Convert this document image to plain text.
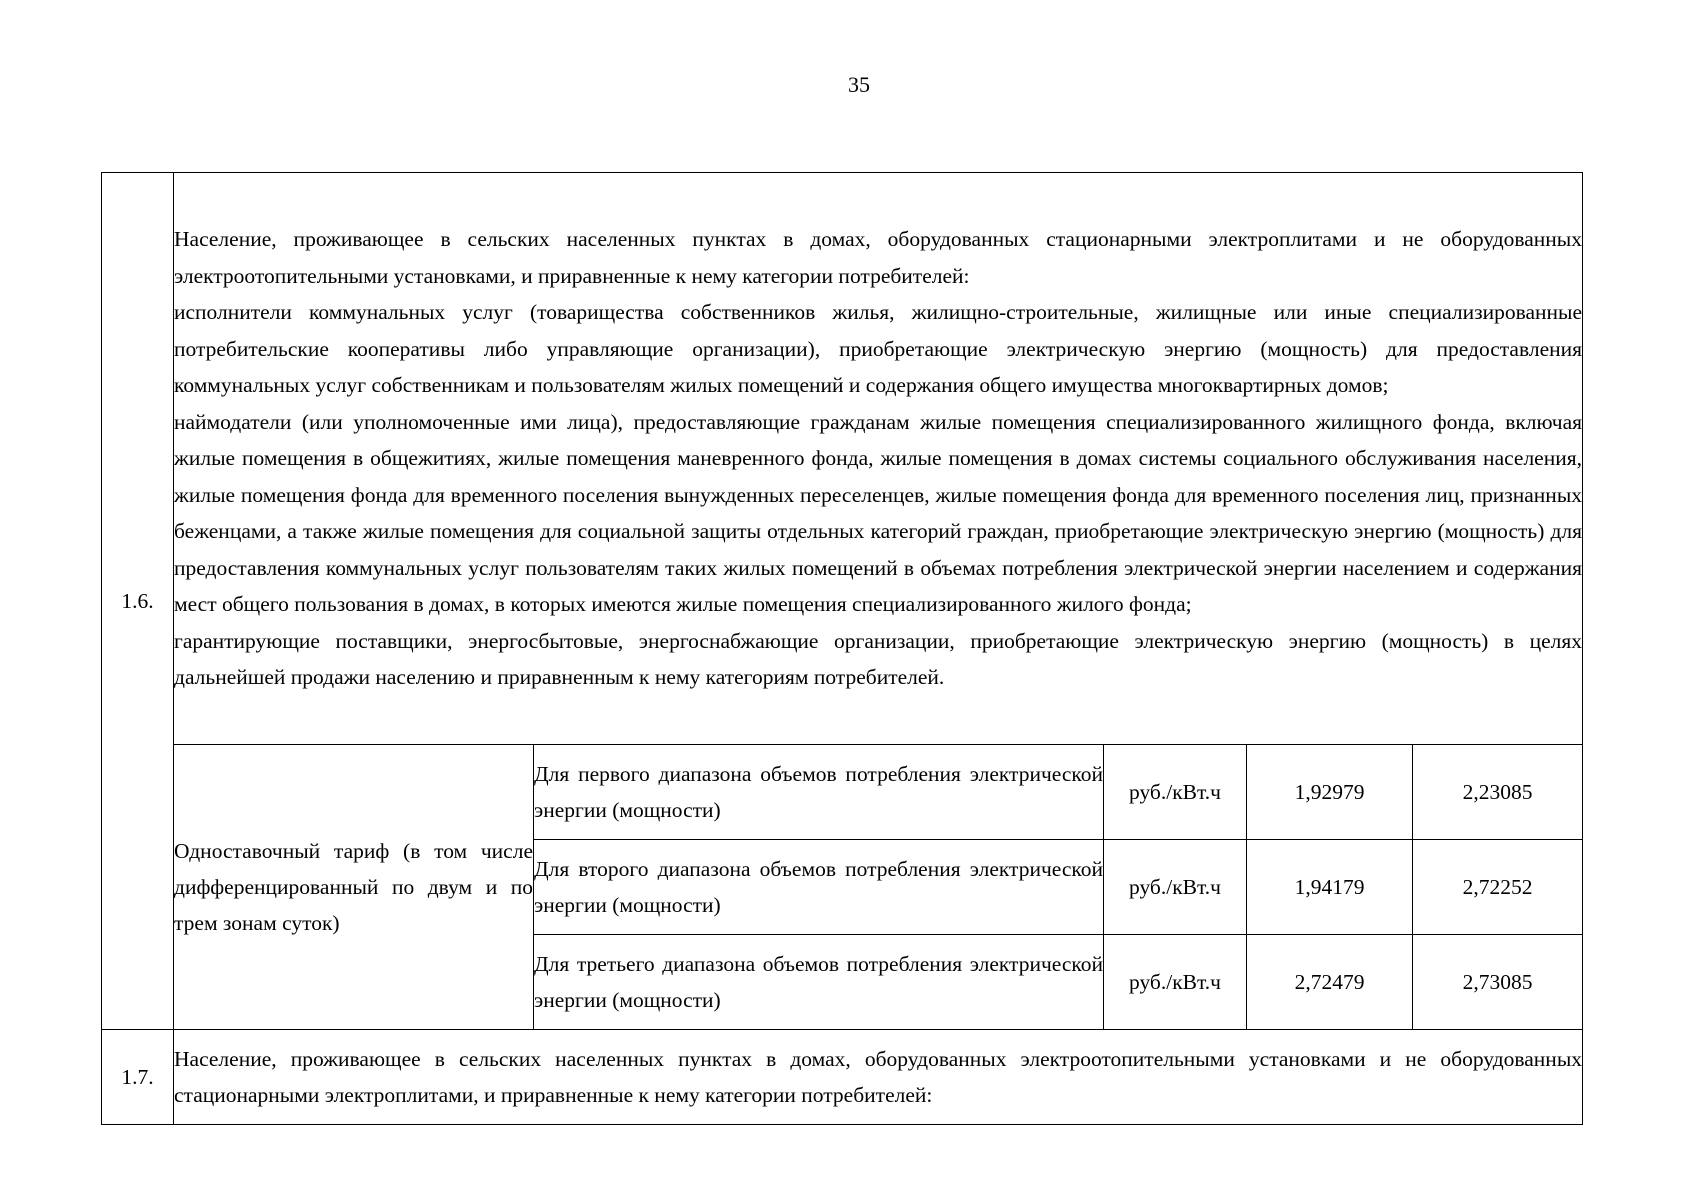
35
1.6.	Население, проживающее в сельских населенных пунктах в домах, оборудованных стационарными электроплитами и не оборудованных электроотопительными установками, и приравненные к нему категории потребителей:
исполнители коммунальных услуг (товарищества собственников жилья, жилищно-строительные, жилищные или иные специализированные потребительские кооперативы либо управляющие организации), приобретающие электрическую энергию (мощность) для предоставления коммунальных услуг собственникам и пользователям жилых помещений и содержания общего имущества многоквартирных домов;
наймодатели (или уполномоченные ими лица), предоставляющие гражданам жилые помещения специализированного жилищного фонда, включая жилые помещения в общежитиях, жилые помещения маневренного фонда, жилые помещения в домах системы социального обслуживания населения, жилые помещения фонда для временного поселения вынужденных переселенцев, жилые помещения фонда для временного поселения лиц, признанных беженцами, а также жилые помещения для социальной защиты отдельных категорий граждан, приобретающие электрическую энергию (мощность) для предоставления коммунальных услуг пользователям таких жилых помещений в объемах потребления электрической энергии населением и содержания мест общего пользования в домах, в которых имеются жилые помещения специализированного жилого фонда;
гарантирующие поставщики, энергосбытовые, энергоснабжающие организации, приобретающие электрическую энергию (мощность) в целях дальнейшей продажи населению и приравненным к нему категориям потребителей.				

	Одноставочный тариф (в том числе дифференцированный по двум и по трем зонам суток)	Для первого диапазона объемов потребления электрической энергии (мощности)	руб./кВт.ч	1,92979	2,23085
		Для второго диапазона объемов потребления электрической энергии (мощности)	руб./кВт.ч	1,94179	2,72252
		Для третьего диапазона объемов потребления электрической энергии (мощности)	руб./кВт.ч	2,72479	2,73085
1.7.	Население, проживающее в сельских населенных пунктах в домах, оборудованных электроотопительными установками и не оборудованных стационарными электроплитами, и приравненные к нему категории потребителей:				
